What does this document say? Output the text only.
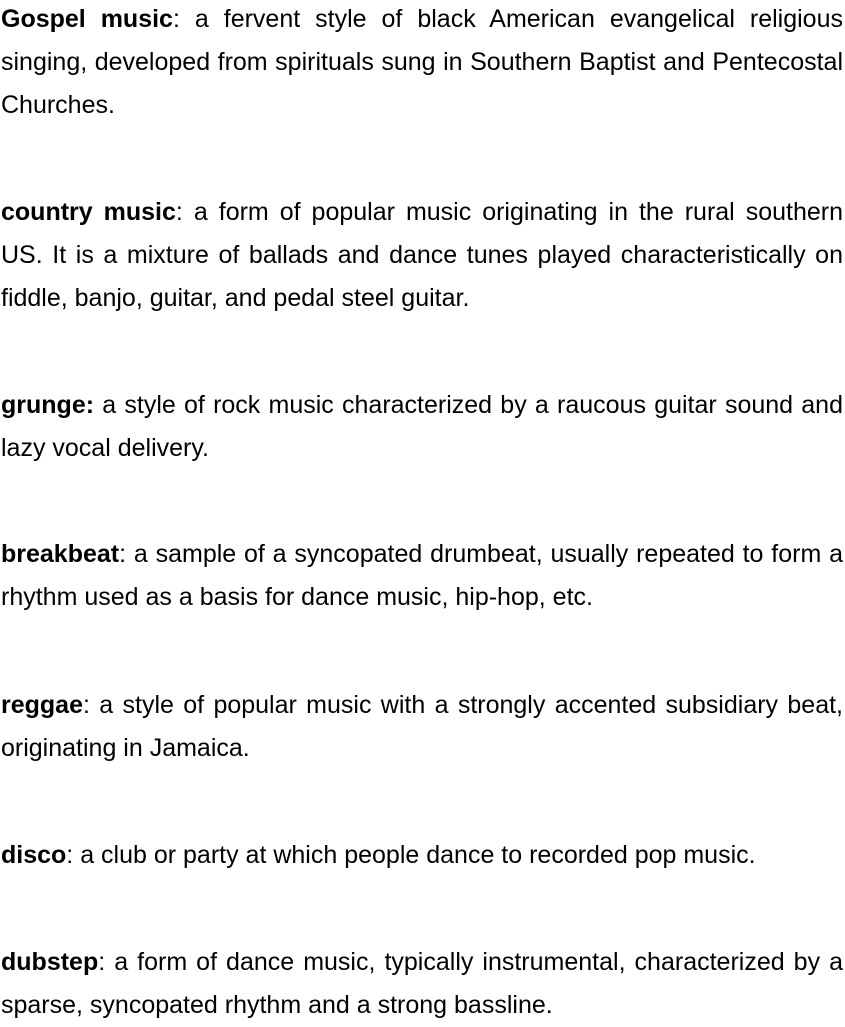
Gospel music: a fervent style of black American evangelical religious singing, developed from spirituals sung in Southern Baptist and Pentecostal Churches.

country music: a form of popular music originating in the rural southern US. It is a mixture of ballads and dance tunes played characteristically on fiddle, banjo, guitar, and pedal steel guitar.

grunge: a style of rock music characterized by a raucous guitar sound and lazy vocal delivery.

breakbeat: a sample of a syncopated drumbeat, usually repeated to form a rhythm used as a basis for dance music, hip-hop, etc.

reggae: a style of popular music with a strongly accented subsidiary beat, originating in Jamaica.

disco: a club or party at which people dance to recorded pop music.

dubstep: a form of dance music, typically instrumental, characterized by a sparse, syncopated rhythm and a strong bassline.
